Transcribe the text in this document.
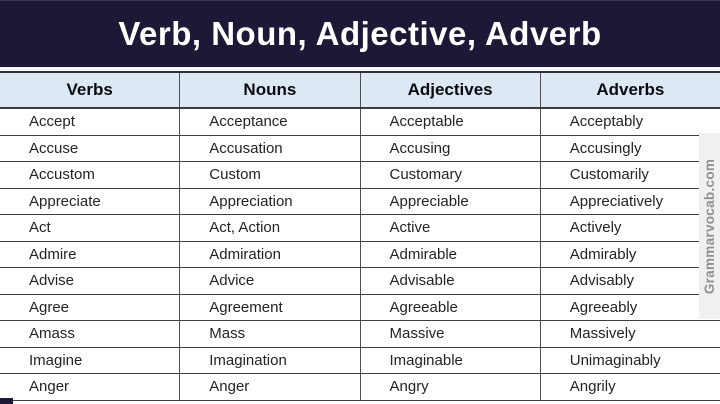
Verb, Noun, Adjective, Adverb
Verbs	Nouns	Adjectives	Adverbs
Accept	Acceptance	Acceptable	Acceptably
Accuse	Accusation	Accusing	Accusingly
Accustom	Custom	Customary	Customarily
Appreciate	Appreciation	Appreciable	Appreciatively
Act	Act, Action	Active	Actively
Admire	Admiration	Admirable	Admirably
Advise	Advice	Advisable	Advisably
Agree	Agreement	Agreeable	Agreeably
Amass	Mass	Massive	Massively
Imagine	Imagination	Imaginable	Unimaginably
Anger	Anger	Angry	Angrily
Grammarvocab.com
